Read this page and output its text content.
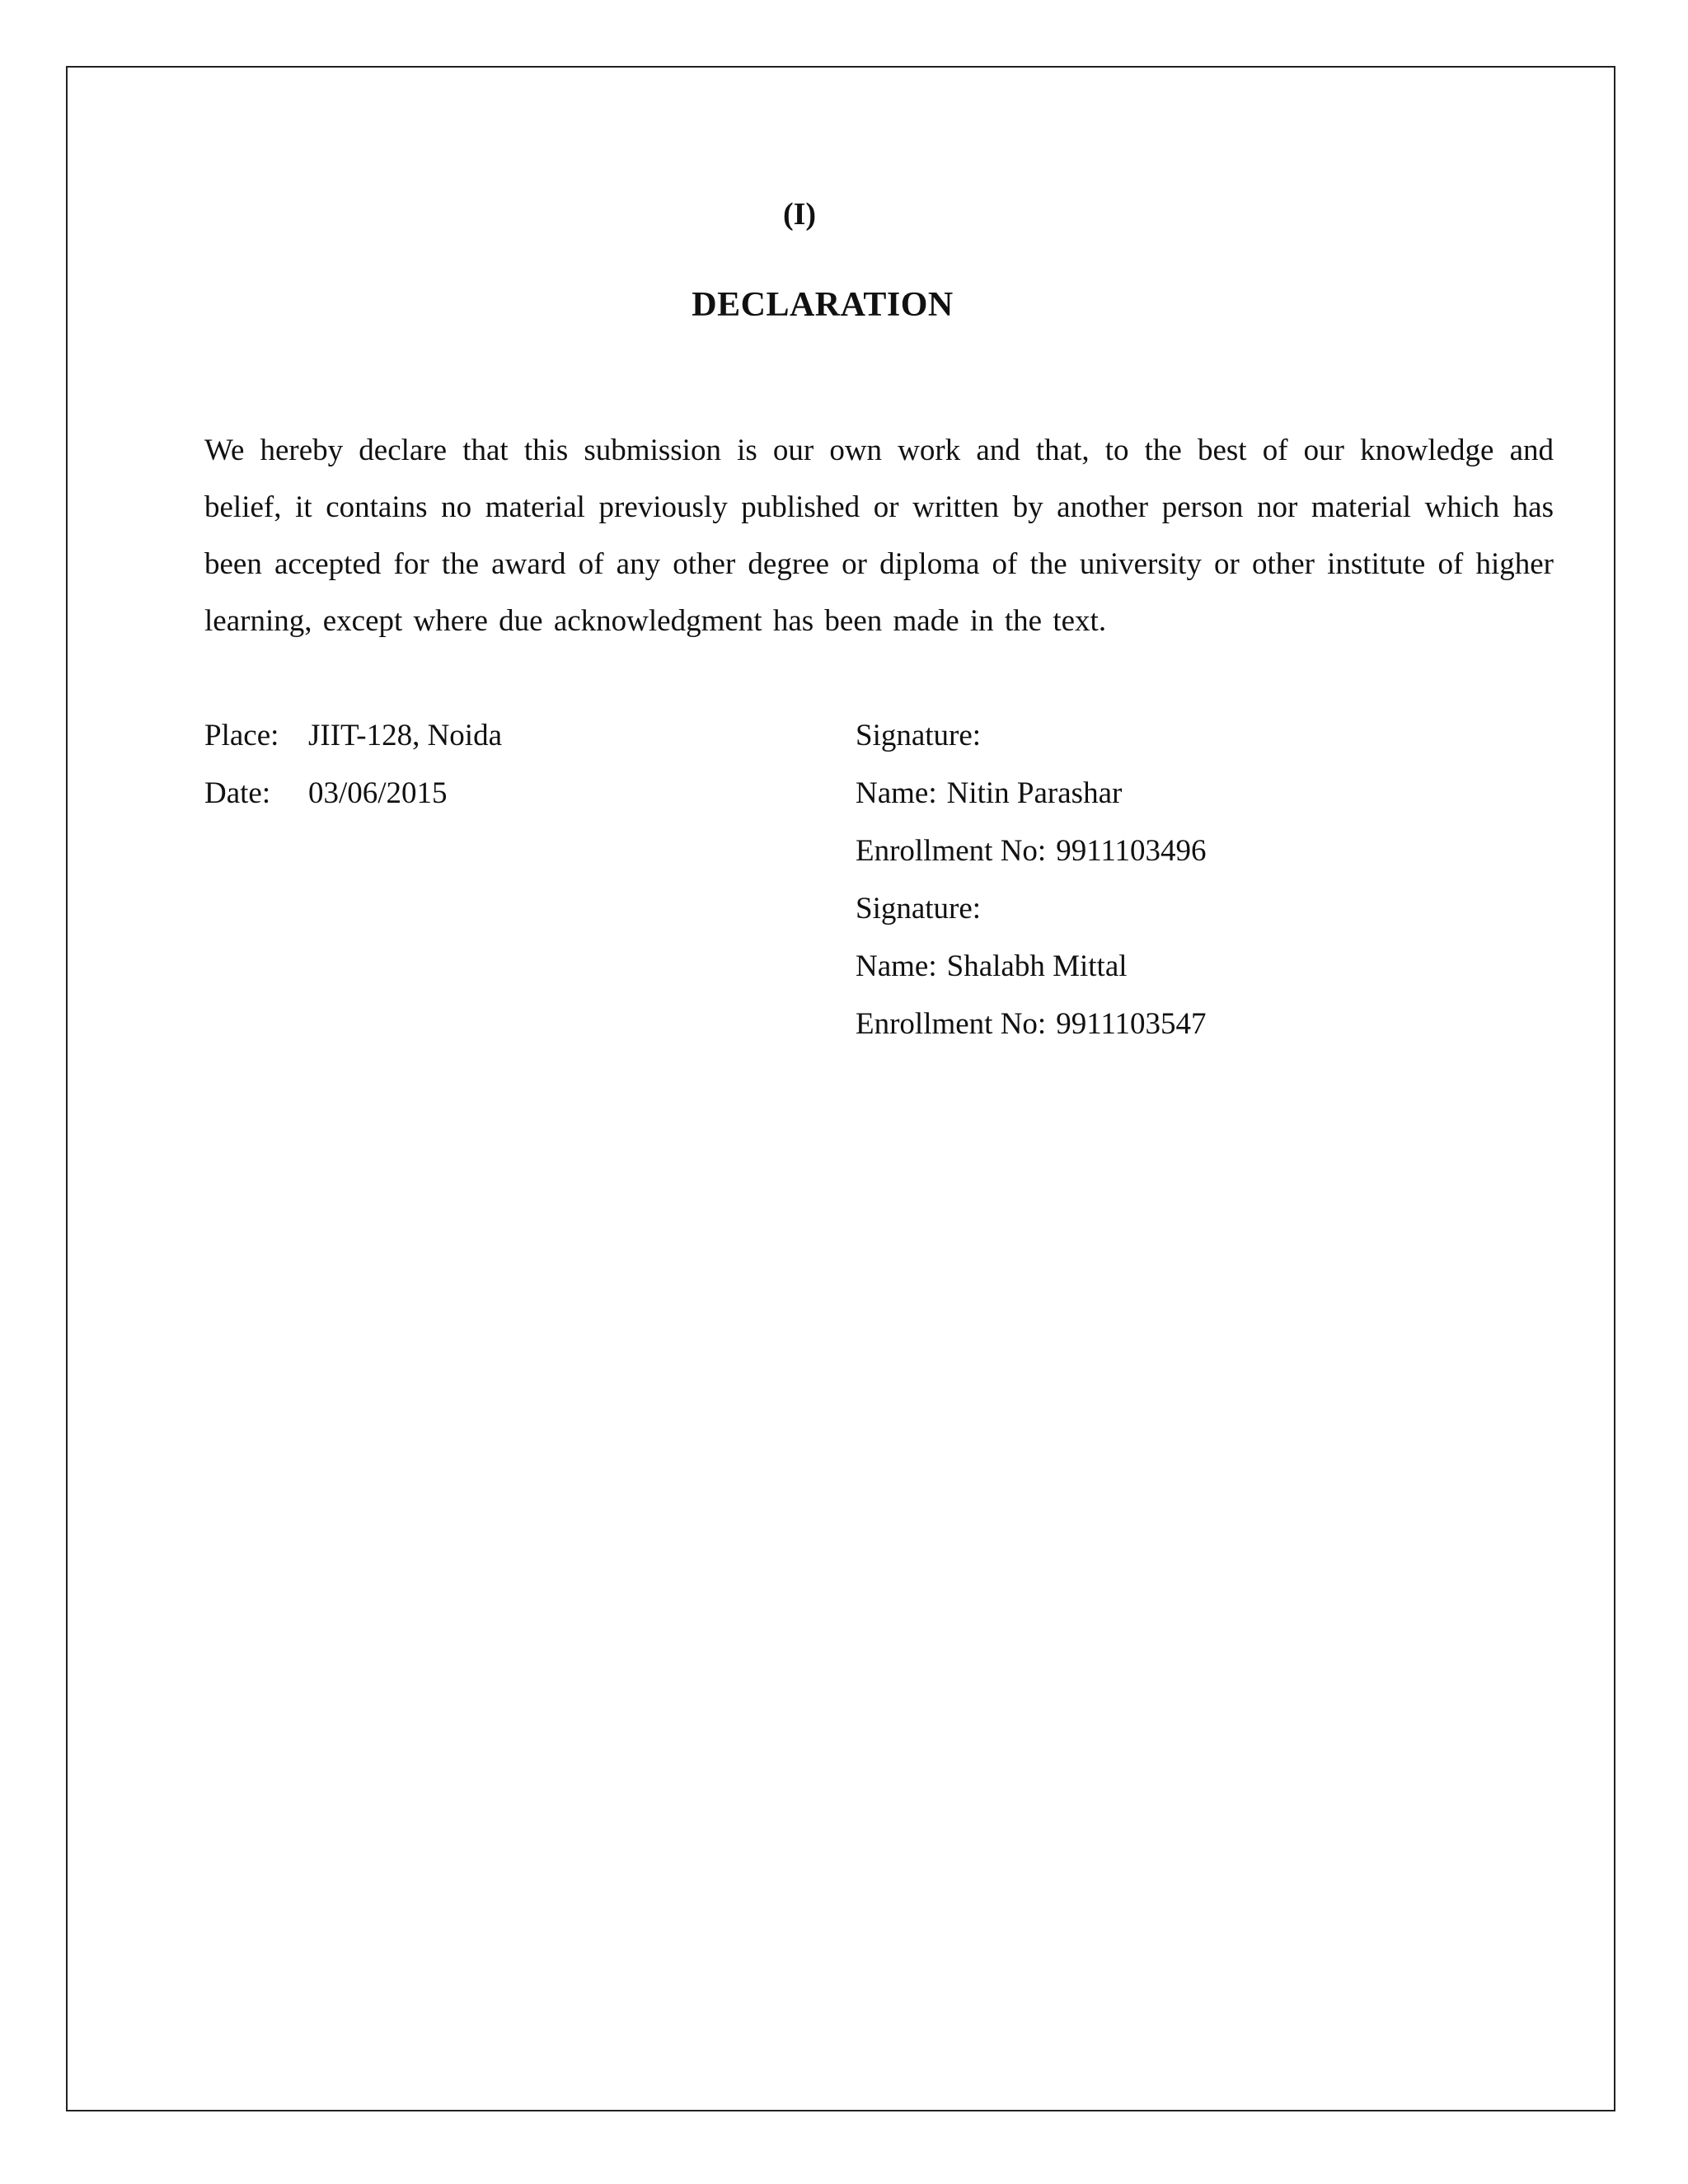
(I)
DECLARATION
We hereby declare that this submission is our own work and that, to the best of our knowledge and belief, it contains no material previously published or written by another person nor material which has been accepted for the award of any other degree or diploma of the university or other institute of higher learning, except where due acknowledgment has been made in the text.
Place: JIIT-128, Noida
Date:	03/06/2015
Signature:
Name: Nitin Parashar
Enrollment No: 9911103496
Signature:
Name: Shalabh Mittal
Enrollment No: 9911103547
